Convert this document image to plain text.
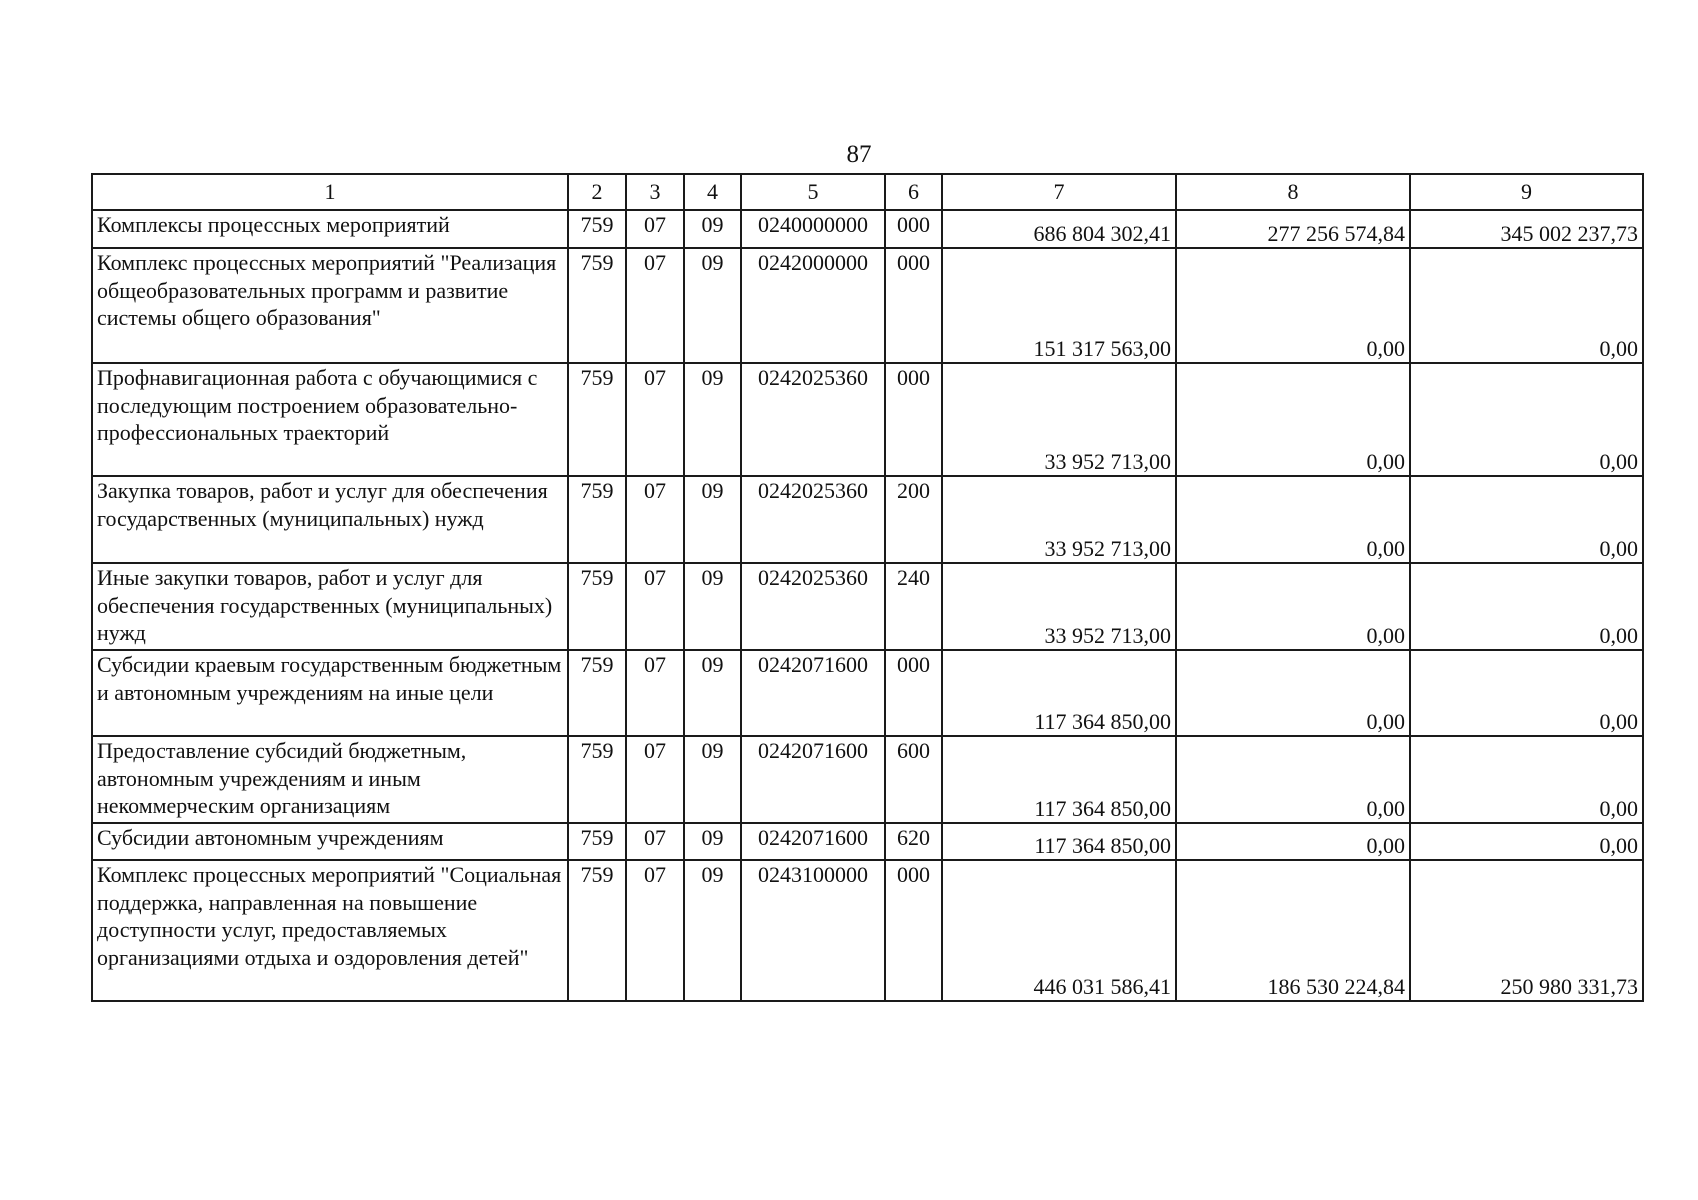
87
1	2	3	4	5	6	7	8	9
Комплексы процессных мероприятий	759	07	09	0240000000	000	686 804 302,41	277 256 574,84	345 002 237,73
Комплекс процессных мероприятий "Реализация общеобразовательных программ и развитие системы общего образования"	759	07	09	0242000000	000	151 317 563,00	0,00	0,00
Профнавигационная работа с обучающимися с последующим построением образовательно-профессиональных траекторий	759	07	09	0242025360	000	33 952 713,00	0,00	0,00
Закупка товаров, работ и услуг для обеспечения государственных (муниципальных) нужд	759	07	09	0242025360	200	33 952 713,00	0,00	0,00
Иные закупки товаров, работ и услуг для обеспечения государственных (муниципальных) нужд	759	07	09	0242025360	240	33 952 713,00	0,00	0,00
Субсидии краевым государственным бюджетным и автономным учреждениям на иные цели	759	07	09	0242071600	000	117 364 850,00	0,00	0,00
Предоставление субсидий бюджетным, автономным учреждениям и иным некоммерческим организациям	759	07	09	0242071600	600	117 364 850,00	0,00	0,00
Субсидии автономным учреждениям	759	07	09	0242071600	620	117 364 850,00	0,00	0,00
Комплекс процессных мероприятий "Социальная поддержка, направленная на повышение доступности услуг, предоставляемых организациями отдыха и оздоровления детей"	759	07	09	0243100000	000	446 031 586,41	186 530 224,84	250 980 331,73
